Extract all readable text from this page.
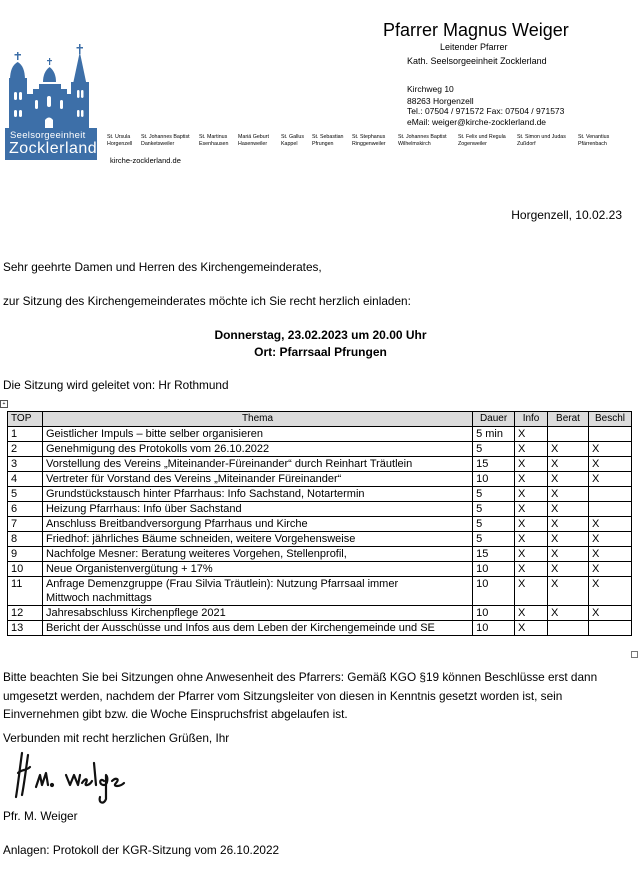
Seelsorgeeinheit
Zocklerland
Pfarrer Magnus Weiger
Leitender Pfarrer
Kath. Seelsorgeeinheit Zocklerland
Kirchweg 10
88263 Horgenzell
Tel.: 07504 / 971572 Fax: 07504 / 971573
eMail: weiger@kirche-zocklerland.de
St. Ursula
Horgenzell
St. Johannes Baptist
Danketsweiler
St. Martinus
Esenhausen
Mariä Geburt
Hasenweiler
St. Gallus
Kappel
St. Sebastian
Pfrungen
St. Stephanus
Ringgenweiler
St. Johannes Baptist
Wilhelmskirch
St. Felix und Regula
Zogenweiler
St. Simon und Judas
Zußdorf
St. Venantius
Pfärrenbach
kirche-zocklerland.de
Horgenzell, 10.02.23
Sehr geehrte Damen und Herren des Kirchengemeinderates,
zur Sitzung des Kirchengemeinderates möchte ich Sie recht herzlich einladen:
Donnerstag, 23.02.2023 um 20.00 Uhr
Ort: Pfarrsaal Pfrungen
Die Sitzung wird geleitet von: Hr Rothmund
+
TOP	Thema	Dauer	Info	Berat	Beschl
1	Geistlicher Impuls – bitte selber organisieren	5 min	X		
2	Genehmigung des Protokolls vom 26.10.2022	5	X	X	X
3	Vorstellung des Vereins „Miteinander-Füreinander“ durch Reinhart Träutlein	15	X	X	X
4	Vertreter für Vorstand des Vereins „Miteinander Füreinander“	10	X	X	X
5	Grundstückstausch hinter Pfarrhaus: Info Sachstand, Notartermin	5	X	X	
6	Heizung Pfarrhaus: Info über Sachstand	5	X	X	
7	Anschluss Breitbandversorgung Pfarrhaus und Kirche	5	X	X	X
8	Friedhof: jährliches Bäume schneiden, weitere Vorgehensweise	5	X	X	X
9	Nachfolge Mesner: Beratung weiteres Vorgehen, Stellenprofil,	15	X	X	X
10	Neue Organistenvergütung + 17%	10	X	X	X
11	Anfrage Demenzgruppe (Frau Silvia Träutlein): Nutzung Pfarrsaal immer
Mittwoch nachmittags	10	X	X	X
12	Jahresabschluss Kirchenpflege 2021	10	X	X	X
13	Bericht der Ausschüsse und Infos aus dem Leben der Kirchengemeinde und SE	10	X		
Bitte beachten Sie bei Sitzungen ohne Anwesenheit des Pfarrers: Gemäß KGO §19 können Beschlüsse erst dann umgesetzt werden, nachdem der Pfarrer vom Sitzungsleiter von diesen in Kenntnis gesetzt worden ist, sein Einvernehmen gibt bzw. die Woche Einspruchsfrist abgelaufen ist.
Verbunden mit recht herzlichen Grüßen, Ihr
Pfr. M. Weiger
Anlagen: Protokoll der KGR-Sitzung vom 26.10.2022
